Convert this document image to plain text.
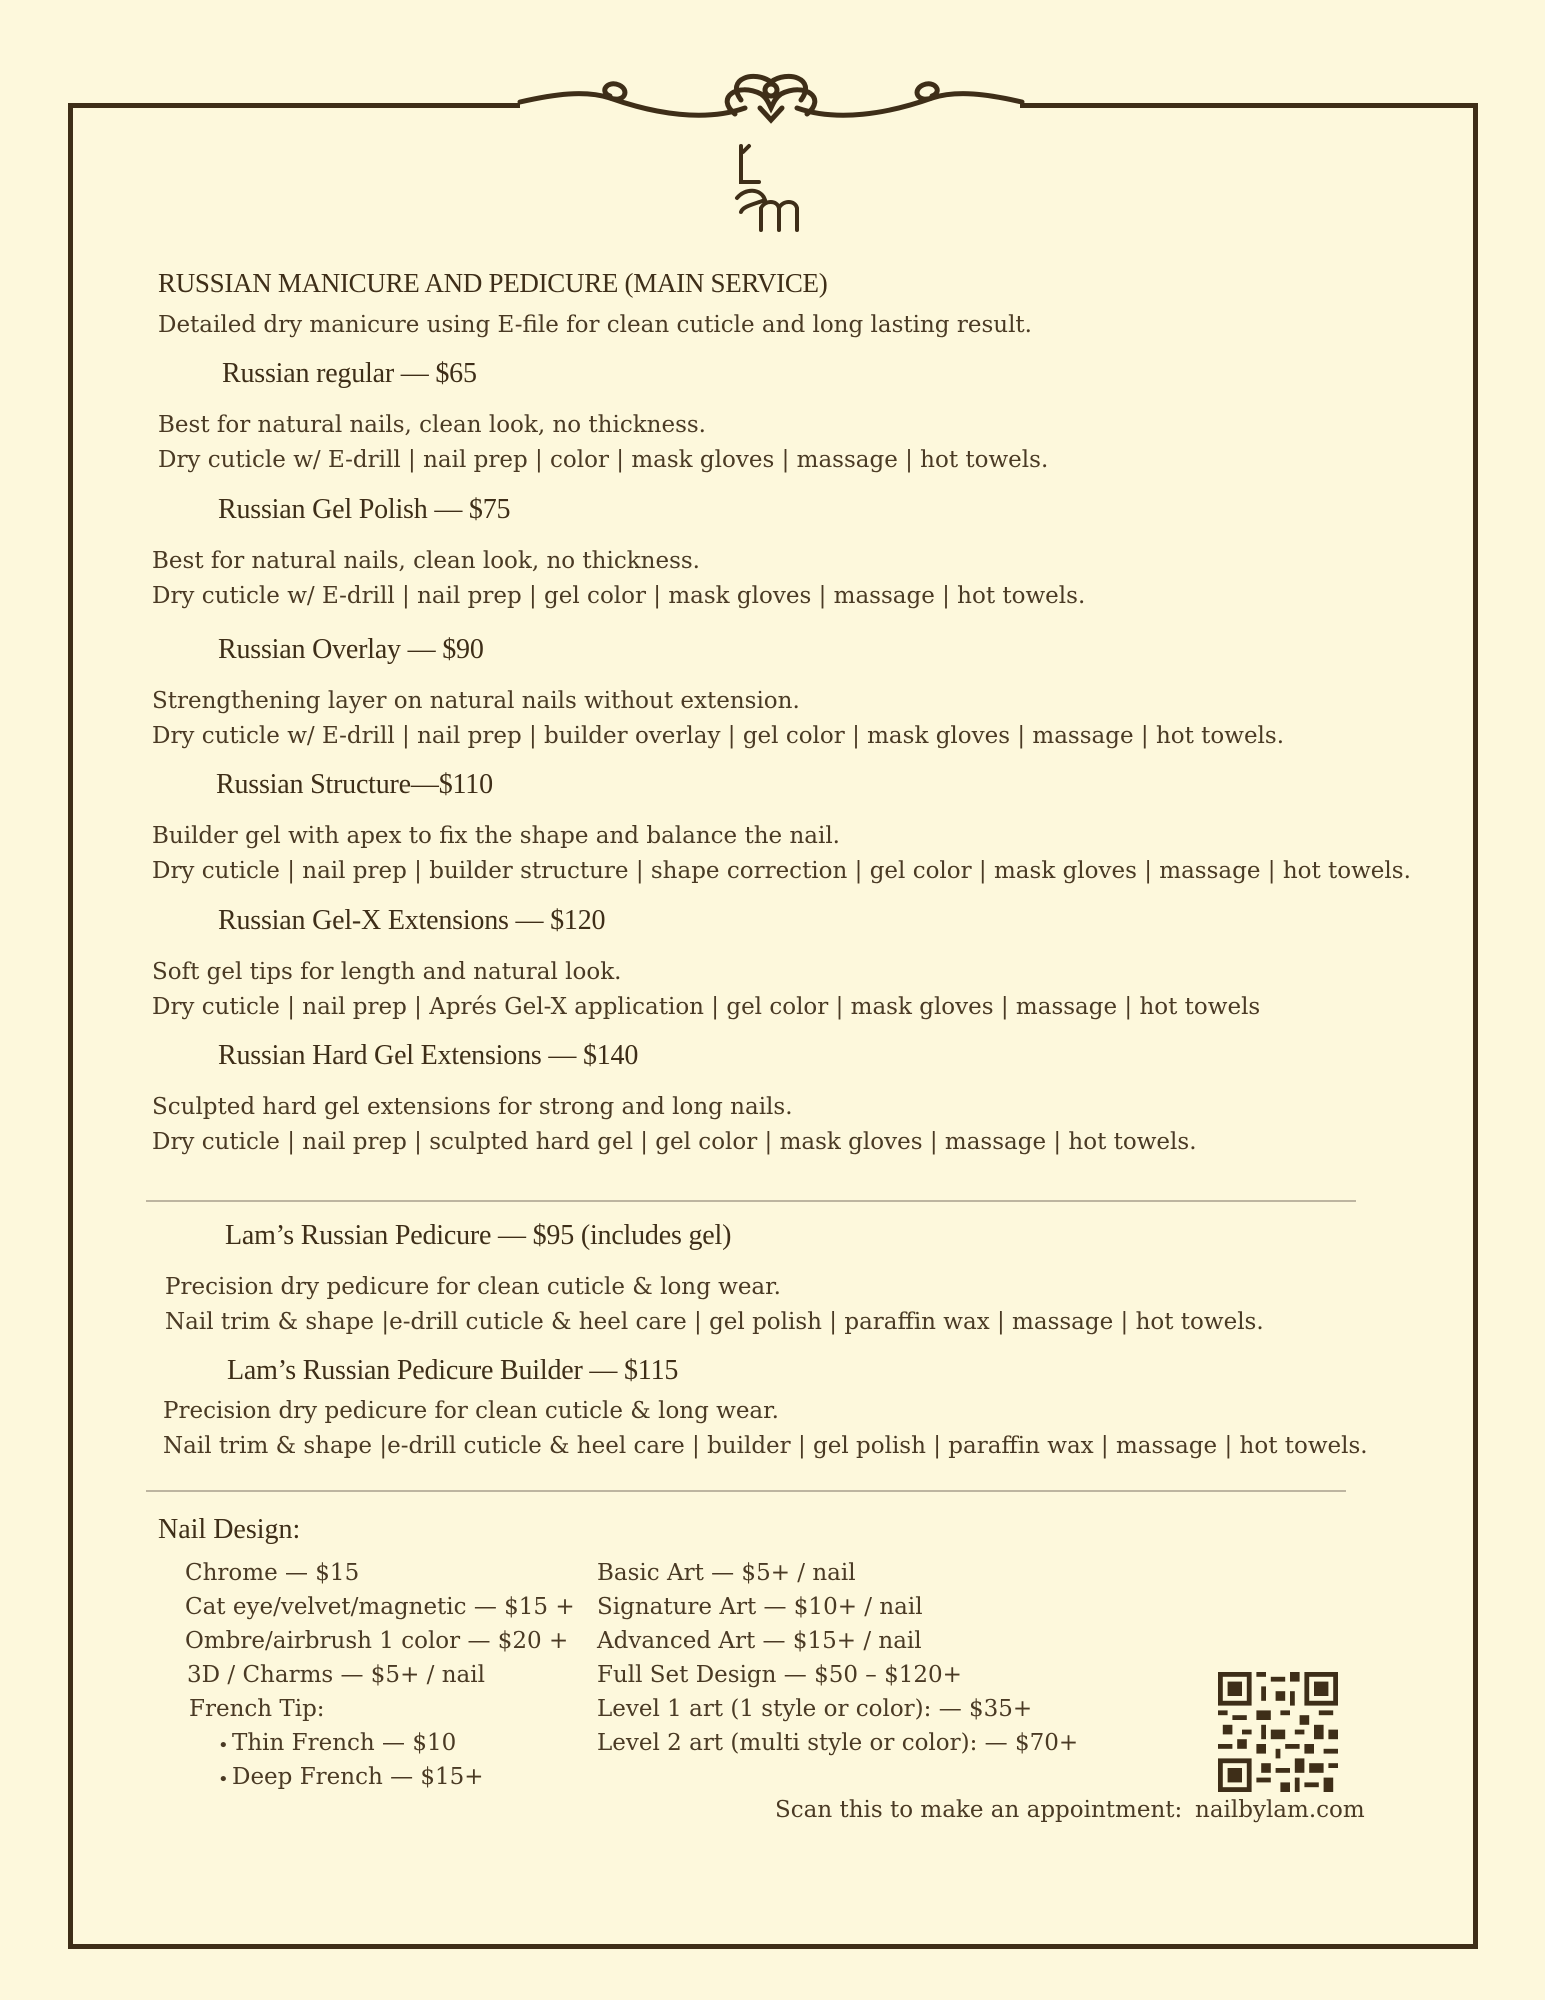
RUSSIAN MANICURE AND PEDICURE (MAIN SERVICE)

Detailed dry manicure using E-file for clean cuticle and long lasting result.

Russian regular — $65

Best for natural nails, clean look, no thickness.

Dry cuticle w/ E-drill | nail prep | color | mask gloves | massage | hot towels.

Russian Gel Polish — $75

Best for natural nails, clean look, no thickness.

Dry cuticle w/ E-drill | nail prep | gel color | mask gloves | massage | hot towels.

Russian Overlay — $90

Strengthening layer on natural nails without extension.

Dry cuticle w/ E-drill | nail prep | builder overlay | gel color | mask gloves | massage | hot towels.

Russian Structure—$110

Builder gel with apex to fix the shape and balance the nail.

Dry cuticle | nail prep | builder structure | shape correction | gel color | mask gloves | massage | hot towels.

Russian Gel-X Extensions — $120

Soft gel tips for length and natural look.

Dry cuticle | nail prep | Aprés Gel-X application | gel color | mask gloves | massage | hot towels

Russian Hard Gel Extensions — $140

Sculpted hard gel extensions for strong and long nails.

Dry cuticle | nail prep | sculpted hard gel | gel color | mask gloves | massage | hot towels.

Lam’s Russian Pedicure — $95 (includes gel)

Precision dry pedicure for clean cuticle & long wear.

Nail trim & shape |e-drill cuticle & heel care | gel polish | paraffin wax | massage | hot towels.

Lam’s Russian Pedicure Builder — $115

Precision dry pedicure for clean cuticle & long wear.

Nail trim & shape |e-drill cuticle & heel care | builder | gel polish | paraffin wax | massage | hot towels.

Nail Design:

Chrome — $15

Cat eye/velvet/magnetic — $15 +

Ombre/airbrush 1 color — $20 +

3D / Charms — $5+ / nail

French Tip:

• Thin French — $10

• Deep French — $15+

Basic Art — $5+ / nail

Signature Art — $10+ / nail

Advanced Art — $15+ / nail

Full Set Design — $50 – $120+

Level 1 art (1 style or color): — $35+

Level 2 art (multi style or color): — $70+

Scan this to make an appointment: nailbylam.com
